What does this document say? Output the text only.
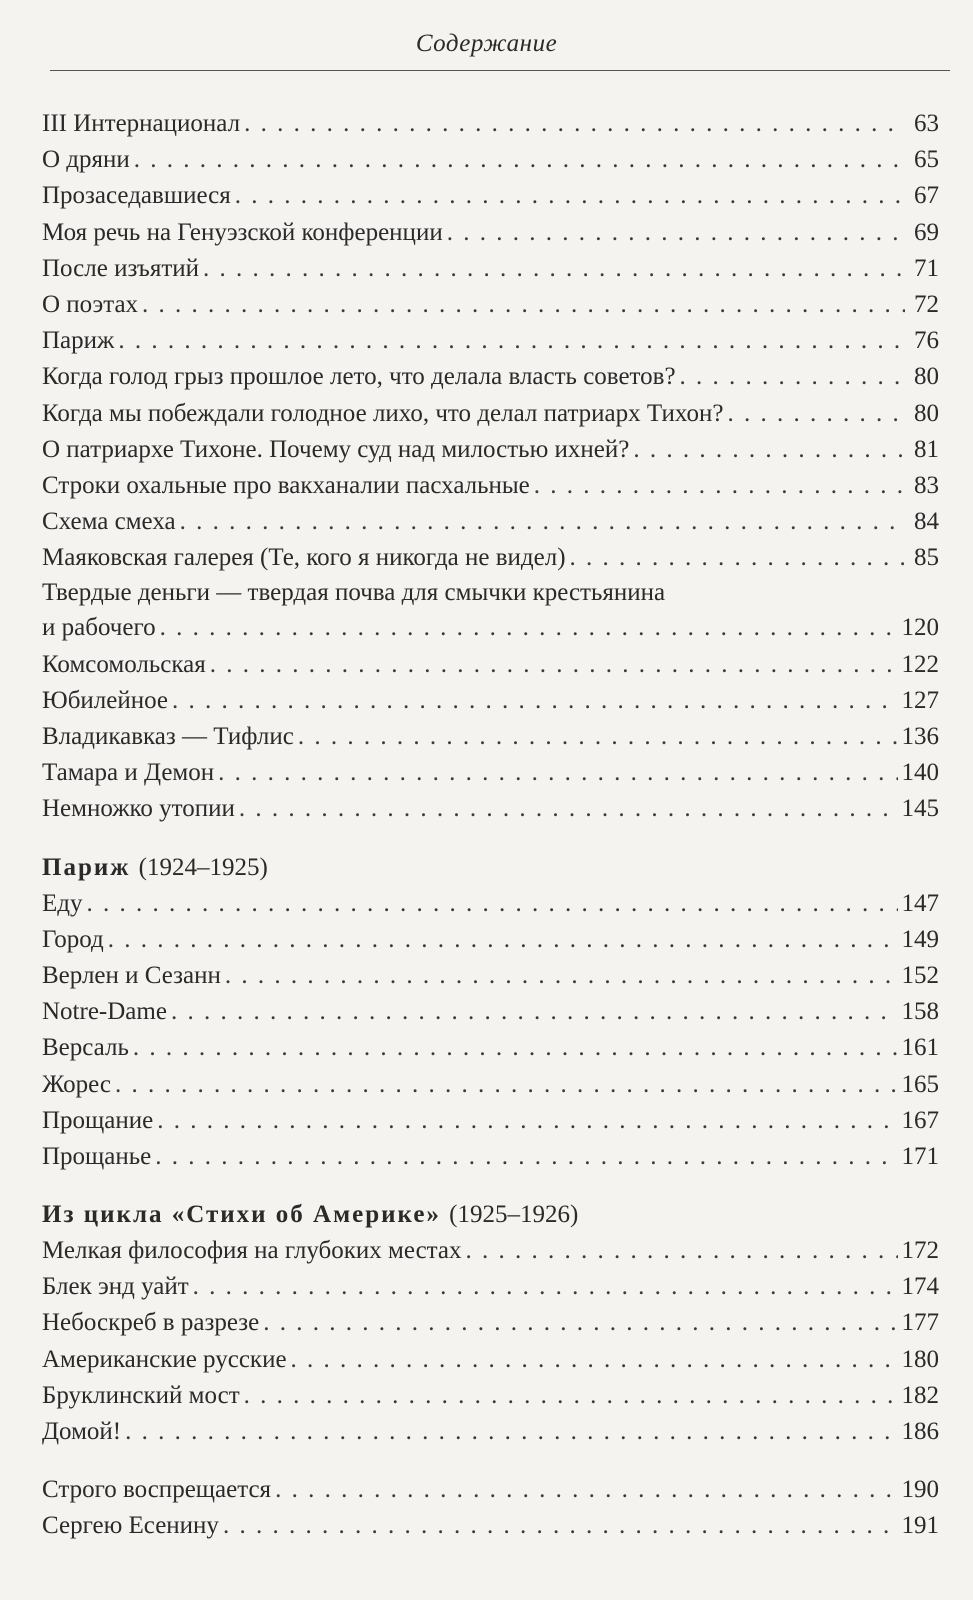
Содержание
III Интернационал . . .	63
О дряни . . .	65
Прозаседавшиеся . . .	67
Моя речь на Генуэзской конференции . . .	69
После изъятий . . .	71
О поэтах . . .	72
Париж . . .	76
Когда голод грыз прошлое лето, что делала власть советов? . . .	80
Когда мы побеждали голодное лихо, что делал патриарх Тихон? . . .	80
О патриархе Тихоне. Почему суд над милостью ихней? . . .	81
Строки охальные про вакханалии пасхальные . . .	83
Схема смеха . . .	84
Маяковская галерея (Те, кого я никогда не видел) . . .	85
Твердые деньги — твердая почва для смычки крестьянина
и рабочего . . .	120
Комсомольская . . .	122
Юбилейное . . .	127
Владикавказ — Тифлис . . .	136
Тамара и Демон . . .	140
Немножко утопии . . .	145
Париж (1924–1925)
Еду . . .	147
Город . . .	149
Верлен и Сезанн . . .	152
Notre-Dame . . .	158
Версаль . . .	161
Жорес . . .	165
Прощание . . .	167
Прощанье . . .	171
Из цикла «Стихи об Америке» (1925–1926)
Мелкая философия на глубоких местах . . .	172
Блек энд уайт . . .	174
Небоскреб в разрезе . . .	177
Американские русские . . .	180
Бруклинский мост . . .	182
Домой! . . .	186
Строго воспрещается . . .	190
Сергею Есенину . . .	191
